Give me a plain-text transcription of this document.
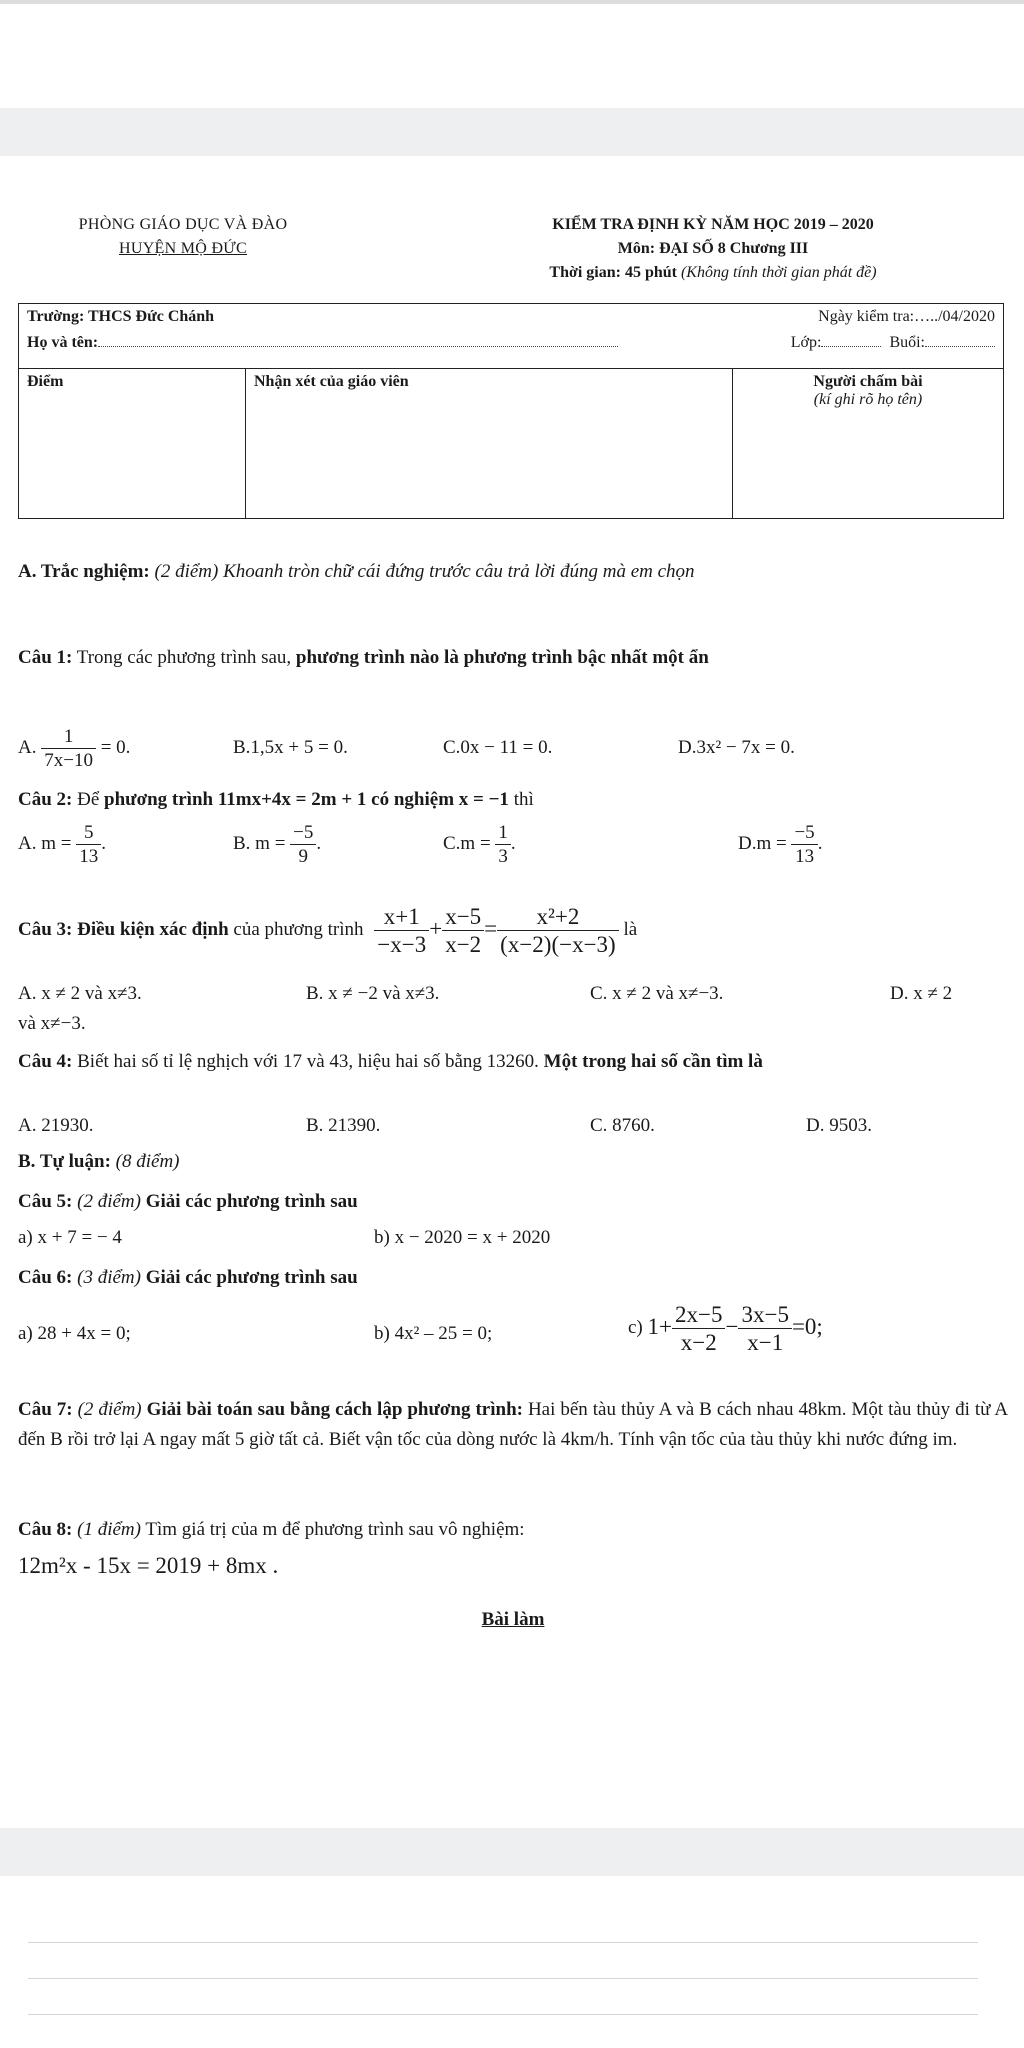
PHÒNG GIÁO DỤC VÀ ĐÀO
HUYỆN MỘ ĐỨC
KIỂM TRA ĐỊNH KỲ NĂM HỌC 2019 – 2020
Môn: ĐẠI SỐ 8 Chương III
Thời gian: 45 phút (Không tính thời gian phát đề)
Trường: THCS Đức Chánh	Ngày kiểm tra:…../04/2020
Họ và tên:	Lớp:	Buổi:

Điểm	Nhận xét của giáo viên	Người chấm bài
(kí ghi rõ họ tên)
A. Trắc nghiệm: (2 điểm) Khoanh tròn chữ cái đứng trước câu trả lời đúng mà em chọn
Câu 1: Trong các phương trình sau, phương trình nào là phương trình bậc nhất một ẩn
A. $\frac{1}{7x-10} = 0$.	B.1,5x + 5 = 0.	C.0x − 11 = 0.	D.3x² − 7x = 0.
Câu 2: Để phương trình 11mx+4x = 2m + 1 có nghiệm x = −1 thì
A. $m = \frac{5}{13}$ .	B. $m = \frac{-5}{9}$ .	$C.m = \frac{1}{3}$ .	$D.m = \frac{-5}{13}$ .
Câu 3: Điều kiện xác định của phương trình $\frac{x+1}{-x-3} + \frac{x-5}{x-2} = \frac{\text{x²+2}}{(x-2)(-x-3)}$ là
A. x ≠ 2 và x≠3.	B. x ≠ −2 và x≠3.	C. x ≠ 2 và x≠−3.	D. x ≠ 2
và x≠−3.
Câu 4: Biết hai số tỉ lệ nghịch với 17 và 43, hiệu hai số bằng 13260. Một trong hai số cần tìm là
A. 21930.	B. 21390.	C. 8760.	D. 9503.
B. Tự luận: (8 điểm)
Câu 5: (2 điểm) Giải các phương trình sau
a) x + 7 = − 4	b) x − 2020 = x + 2020
Câu 6: (3 điểm) Giải các phương trình sau
a) 28 + 4x = 0;	b) 4x² ‒ 25 = 0;	c) $1+ \frac{2x-5}{x-2} - \frac{3x-5}{x-1} =0$;
Câu 7: (2 điểm) Giải bài toán sau bằng cách lập phương trình: Hai bến tàu thủy A và B cách nhau 48km. Một tàu thủy đi từ A đến B rồi trở lại A ngay mất 5 giờ tất cả. Biết vận tốc của dòng nước là 4km/h. Tính vận tốc của tàu thủy khi nước đứng im.
Câu 8: (1 điểm) Tìm giá trị của m để phương trình sau vô nghiệm:
12m²x - 15x = 2019 + 8mx .
Bài làm
